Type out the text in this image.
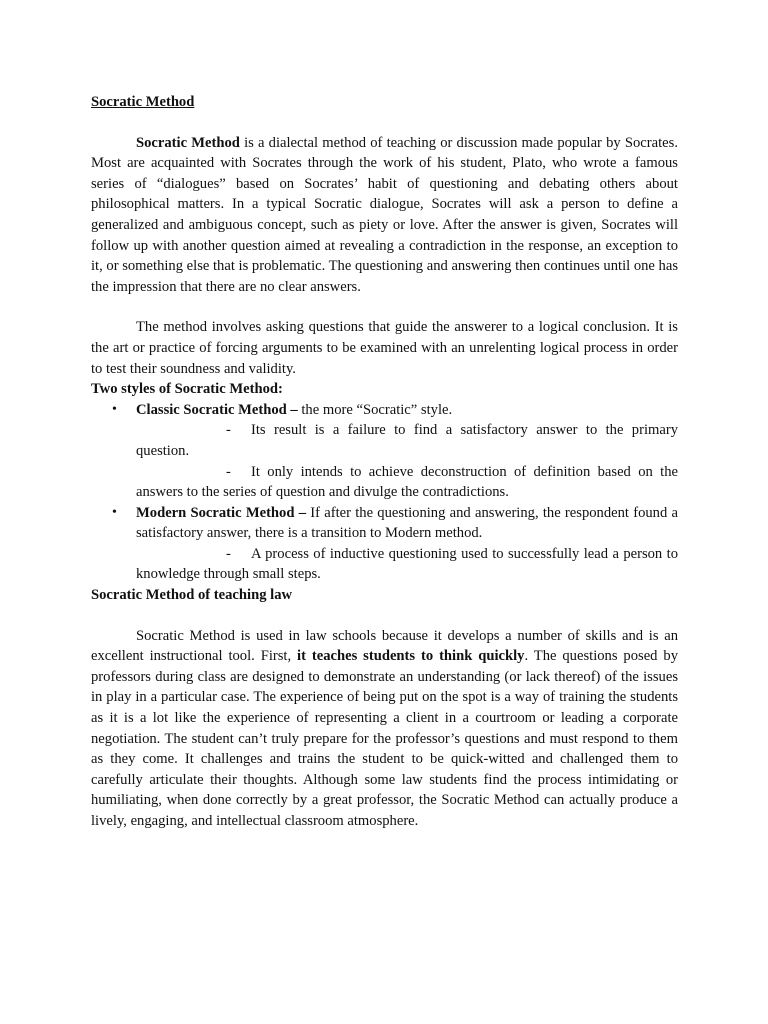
Socratic Method

Socratic Method is a dialectal method of teaching or discussion made popular by Socrates. Most are acquainted with Socrates through the work of his student, Plato, who wrote a famous series of “dialogues” based on Socrates’ habit of questioning and debating others about philosophical matters. In a typical Socratic dialogue, Socrates will ask a person to define a generalized and ambiguous concept, such as piety or love. After the answer is given, Socrates will follow up with another question aimed at revealing a contradiction in the response, an exception to it, or something else that is problematic. The questioning and answering then continues until one has the impression that there are no clear answers.

The method involves asking questions that guide the answerer to a logical conclusion. It is the art or practice of forcing arguments to be examined with an unrelenting logical process in order to test their soundness and validity.

Two styles of Socratic Method:

• Classic Socratic Method – the more “Socratic” style.
- Its result is a failure to find a satisfactory answer to the primary question.
- It only intends to achieve deconstruction of definition based on the answers to the series of question and divulge the contradictions.
• Modern Socratic Method – If after the questioning and answering, the respondent found a satisfactory answer, there is a transition to Modern method.
- A process of inductive questioning used to successfully lead a person to knowledge through small steps.

Socratic Method of teaching law

Socratic Method is used in law schools because it develops a number of skills and is an excellent instructional tool. First, it teaches students to think quickly. The questions posed by professors during class are designed to demonstrate an understanding (or lack thereof) of the issues in play in a particular case. The experience of being put on the spot is a way of training the students as it is a lot like the experience of representing a client in a courtroom or leading a corporate negotiation. The student can’t truly prepare for the professor’s questions and must respond to them as they come. It challenges and trains the student to be quick-witted and challenged them to carefully articulate their thoughts. Although some law students find the process intimidating or humiliating, when done correctly by a great professor, the Socratic Method can actually produce a lively, engaging, and intellectual classroom atmosphere.
